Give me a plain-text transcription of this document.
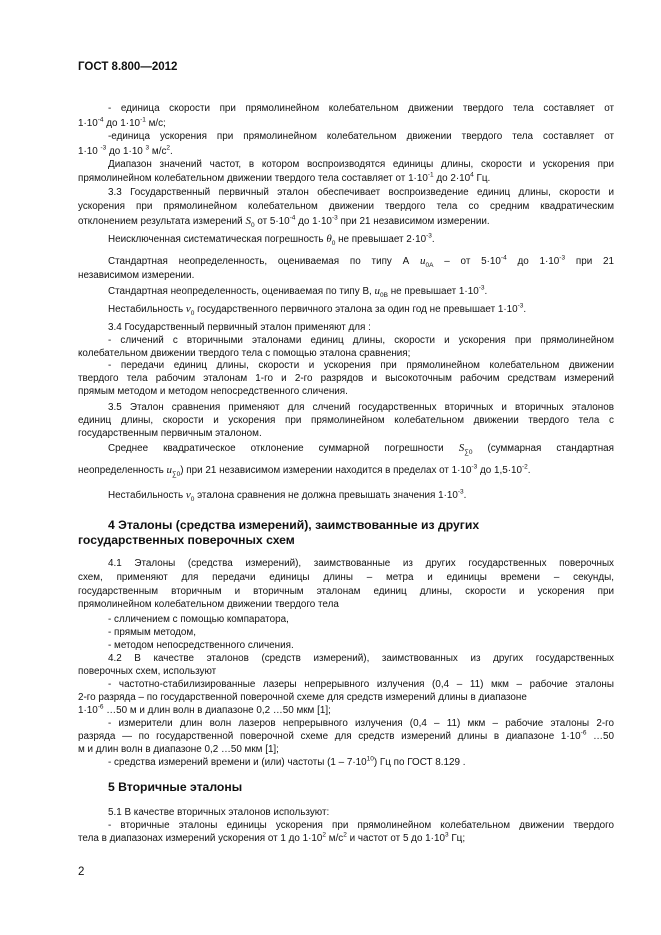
ГОСТ 8.800—2012
- единица скорости при прямолинейном колебательном движении твердого тела составляет от
$1\cdot 10^{-4}$ до $1\cdot 10^{-1}$ м/с;
-единица ускорения при прямолинейном колебательном движении твердого тела составляет от
1·10 $^{-3}$ до 1·10 $^3$ $м/с^2$.
Диапазон значений частот, в котором воспроизводятся единицы длины, скорости и ускорения при
прямолинейном колебательном движении твердого тела составляет от $1\cdot 10^{-1}$ до $2\cdot 10^4$ Гц.
3.3 Государственный первичный эталон обеспечивает воспроизведение единиц длины, скорости и
ускорения при прямолинейном колебательном движении твердого тела со средним квадратическим
отклонением результата измерений $S_0$ от $5\cdot 10^{-4}$ до $1\cdot 10^{-3}$ при 21 независимом измерении.
Неисключенная систематическая погрешность $\theta_0$ не превышает $2\cdot 10^{-3}$.
Стандартная неопределенность, оцениваемая по типу А $u_{0A}$ – от $5\cdot 10^{-4}$ до $1\cdot 10^{-3}$ при 21
независимом измерении.
Стандартная неопределенность, оцениваемая по типу В, $u_{0B}$ не превышает $1\cdot 10^{-3}$.
Нестабильность $\nu_0$ государственного первичного эталона за один год не превышает $1\cdot 10^{-3}$.
3.4 Государственный первичный эталон применяют для :
- сличений с вторичными эталонами единиц длины, скорости и ускорения при прямолинейном
колебательном движении твердого тела с помощью эталона сравнения;
- передачи единиц длины, скорости и ускорения при прямолинейном колебательном движении
твердого тела рабочим эталонам 1-го и 2-го разрядов и высокоточным рабочим средствам измерений
прямым методом и методом непосредственного сличения.
3.5 Эталон сравнения применяют для слчений государственных вторичных и вторичных эталонов
единиц длины, скорости и ускорения при прямолинейном колебательном движении твердого тела с
государственным первичным эталоном.
Среднее квадратическое отклонение суммарной погрешности $S_{\sum 0}$ (суммарная стандартная
неопределенность $u_{\sum 0}$) при 21 независимом измерении находится в пределах от $1\cdot 10^{-3}$ до $1,5\cdot 10^{-2}$.
Нестабильность $\nu_0$ эталона сравнения не должна превышать значения $1\cdot 10^{-3}$.
4 Эталоны (средства измерений), заимствованные из других
государственных поверочных схем
4.1 Эталоны (средства измерений), заимствованные из других государственных поверочных
схем, применяют для передачи единицы длины – метра и единицы времени – секунды,
государственным вторичным и вторичным эталонам единиц длины, скорости и ускорения при
прямолинейном колебательном движении твердого тела
- слличением с помощью компаратора,
- прямым методом,
- методом непосредственного сличения.
4.2 В качестве эталонов (средств измерений), заимствованных из других государственных
поверочных схем, используют
- частотно-стабилизированные лазеры непрерывного излучения (0,4 – 11) мкм – рабочие эталоны
2-го разряда – по государственной поверочной схеме для средств измерений длины в диапазоне
$1\cdot 10^{-6}$ …50 м и длин волн в диапазоне 0,2 …50 мкм [1];
- измерители длин волн лазеров непрерывного излучения (0,4 – 11) мкм – рабочие эталоны 2-го
разряда — по государственной поверочной схеме для средств измерений длины в диапазоне $1\cdot 10^{-6}$ …50
м и длин волн в диапазоне 0,2 …50 мкм [1];
- средства измерений времени и (или) частоты $(1 - 7\cdot 10^{10})$ Гц по ГОСТ 8.129 .
5 Вторичные эталоны
5.1 В качестве вторичных эталонов используют:
- вторичные эталоны единицы ускорения при прямолинейном колебательном движении твердого
тела в диапазонах измерений ускорения от 1 до $1\cdot 10^2$ $м/с^2$ и частот от 5 до $1\cdot 10^3$ Гц;
2
